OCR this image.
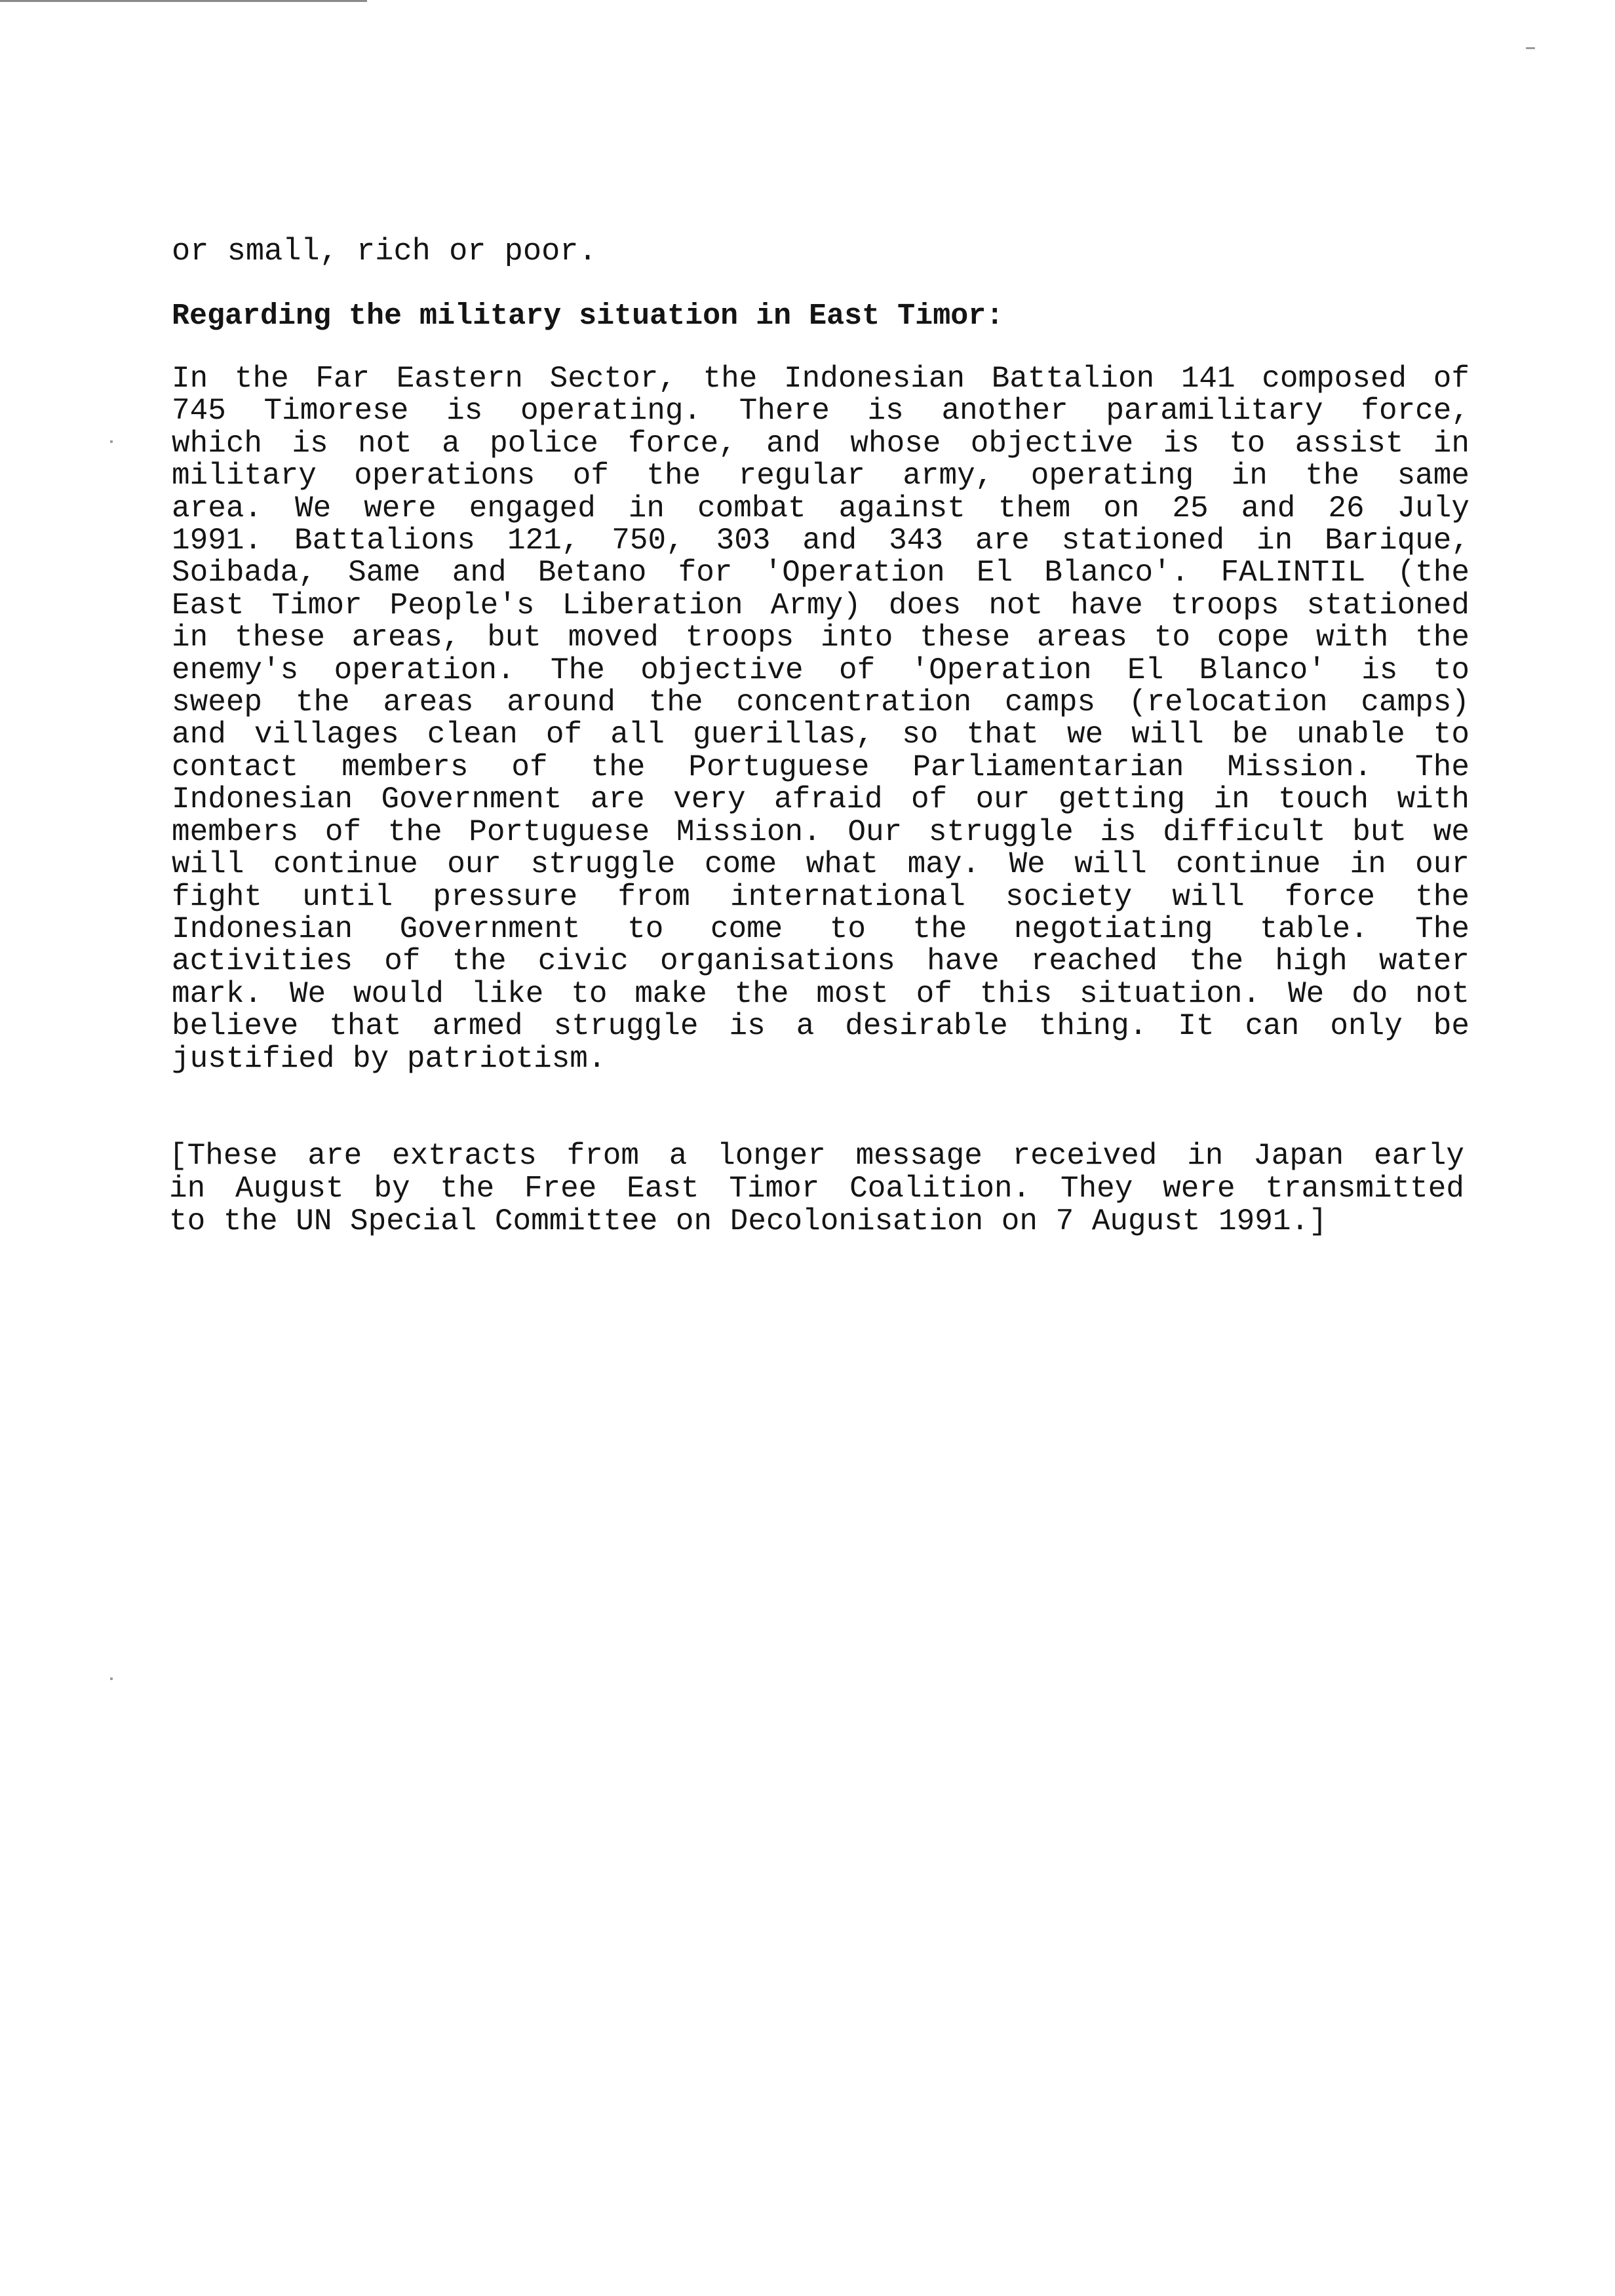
or small, rich or poor.

Regarding the military situation in East Timor:

In the Far Eastern Sector, the Indonesian Battalion 141 composed of
745 Timorese is operating. There is another paramilitary force,
which is not a police force, and whose objective is to assist in
military operations of the regular army, operating in the same
area. We were engaged in combat against them on 25 and 26 July
1991. Battalions 121, 750, 303 and 343 are stationed in Barique,
Soibada, Same and Betano for 'Operation El Blanco'. FALINTIL (the
East Timor People's Liberation Army) does not have troops stationed
in these areas, but moved troops into these areas to cope with the
enemy's operation. The objective of 'Operation El Blanco' is to
sweep the areas around the concentration camps (relocation camps)
and villages clean of all guerillas, so that we will be unable to
contact members of the Portuguese Parliamentarian Mission. The
Indonesian Government are very afraid of our getting in touch with
members of the Portuguese Mission. Our struggle is difficult but we
will continue our struggle come what may. We will continue in our
fight until pressure from international society will force the
Indonesian Government to come to the negotiating table. The
activities of the civic organisations have reached the high water
mark. We would like to make the most of this situation. We do not
believe that armed struggle is a desirable thing. It can only be
justified by patriotism.
[These are extracts from a longer message received in Japan early
in August by the Free East Timor Coalition. They were transmitted
to the UN Special Committee on Decolonisation on 7 August 1991.]
